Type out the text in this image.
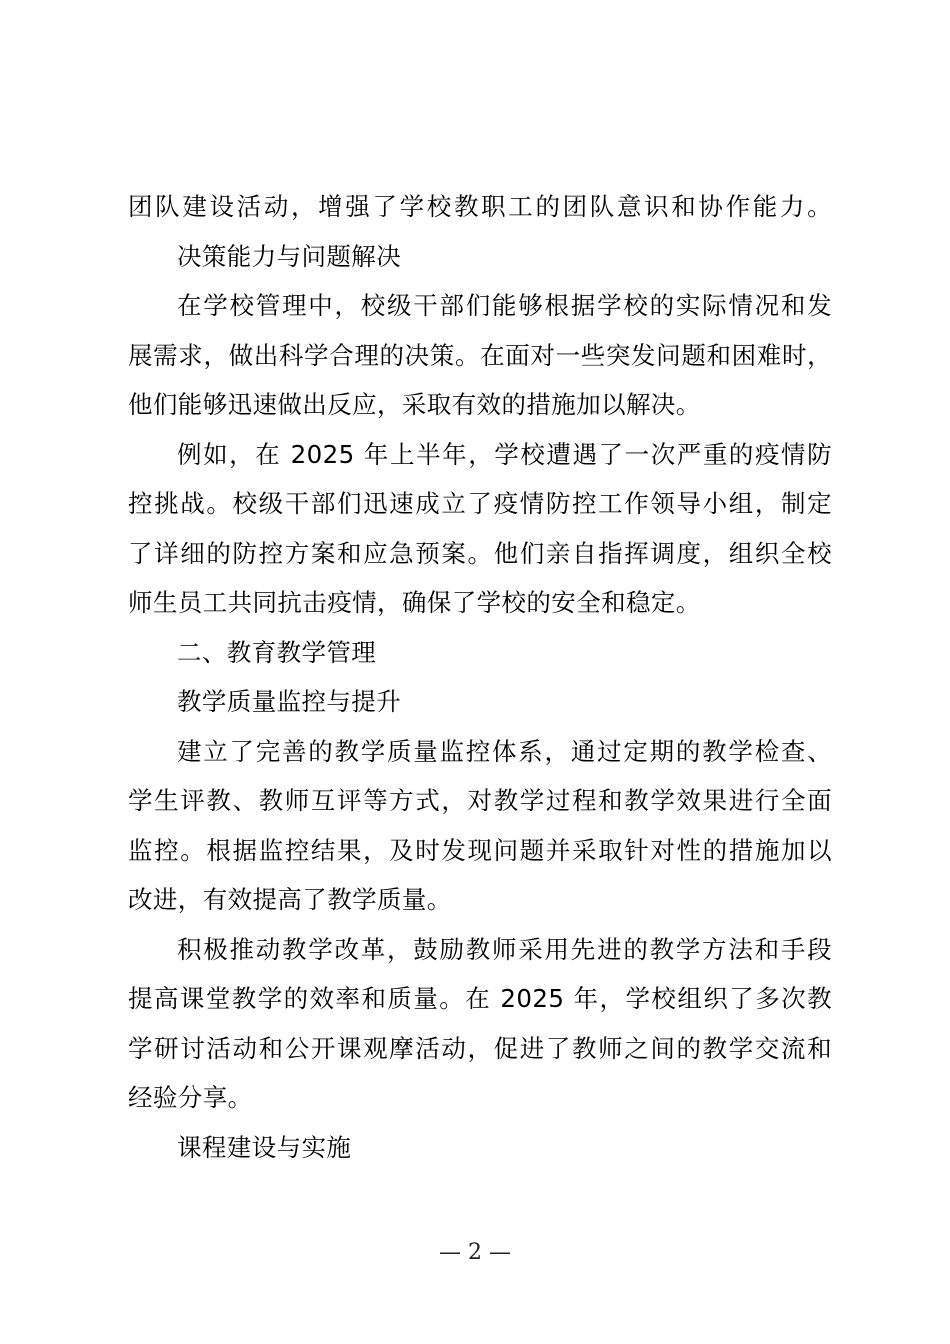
团队建设活动，增强了学校教职工的团队意识和协作能力。
决策能力与问题解决
在学校管理中，校级干部们能够根据学校的实际情况和发
展需求，做出科学合理的决策。在面对一些突发问题和困难时，
他们能够迅速做出反应，采取有效的措施加以解决。
例如，在 2025 年上半年，学校遭遇了一次严重的疫情防
控挑战。校级干部们迅速成立了疫情防控工作领导小组，制定
了详细的防控方案和应急预案。他们亲自指挥调度，组织全校
师生员工共同抗击疫情，确保了学校的安全和稳定。
二、教育教学管理
教学质量监控与提升
建立了完善的教学质量监控体系，通过定期的教学检查、
学生评教、教师互评等方式，对教学过程和教学效果进行全面
监控。根据监控结果，及时发现问题并采取针对性的措施加以
改进，有效提高了教学质量。
积极推动教学改革，鼓励教师采用先进的教学方法和手段
提高课堂教学的效率和质量。在 2025 年，学校组织了多次教
学研讨活动和公开课观摩活动，促进了教师之间的教学交流和
经验分享。
课程建设与实施
— 2 —
